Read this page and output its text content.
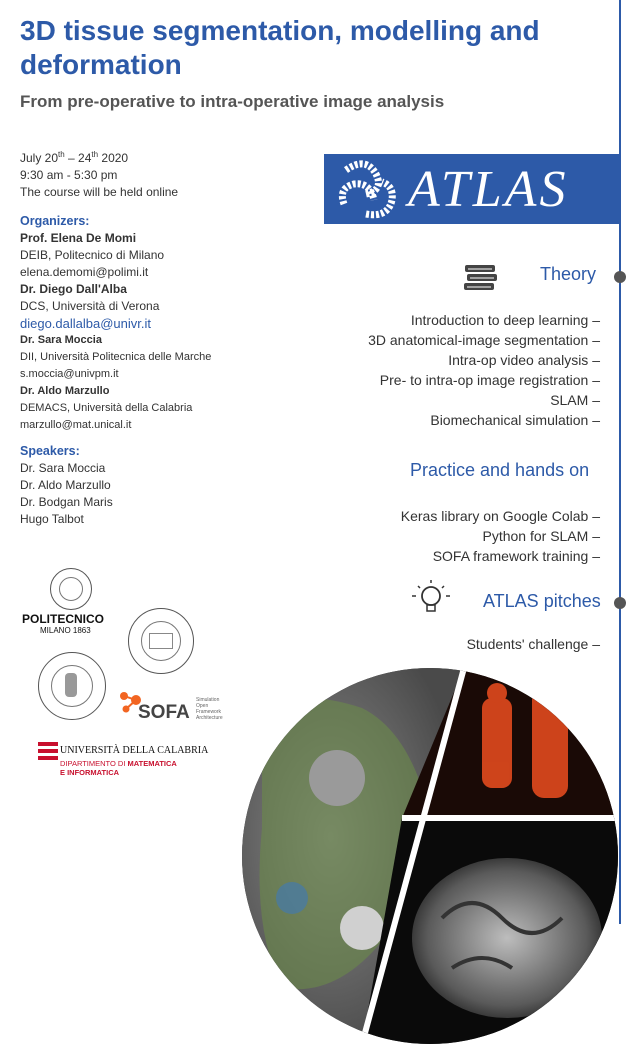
3D tissue segmentation, modelling and deformation
From pre-operative to intra-operative image analysis
July 20th – 24th 2020
9:30 am - 5:30 pm
The course will be held online
Organizers:
Prof. Elena De Momi
DEIB, Politecnico di Milano
elena.demomi@polimi.it
Dr. Diego Dall'Alba
DCS, Università di Verona
diego.dallalba@univr.it
Dr. Sara Moccia
DII, Università Politecnica delle Marche
s.moccia@univpm.it
Dr. Aldo Marzullo
DEMACS, Università della Calabria
marzullo@mat.unical.it
Speakers:
Dr. Sara Moccia
Dr. Aldo Marzullo
Dr. Bodgan Maris
Hugo Talbot
POLITECNICO
MILANO 1863
SOFA
Simulation Open Framework Architecture
UNIVERSITÀ DELLA CALABRIA
DIPARTIMENTO DI MATEMATICA
E INFORMATICA
ATLAS
Theory
Introduction to deep learning –
3D anatomical-image segmentation –
Intra-op video analysis –
Pre- to intra-op image registration –
SLAM –
Biomechanical simulation –
Practice and hands on
Keras library on Google Colab –
Python for SLAM –
SOFA framework training –
ATLAS pitches
Students' challenge –
